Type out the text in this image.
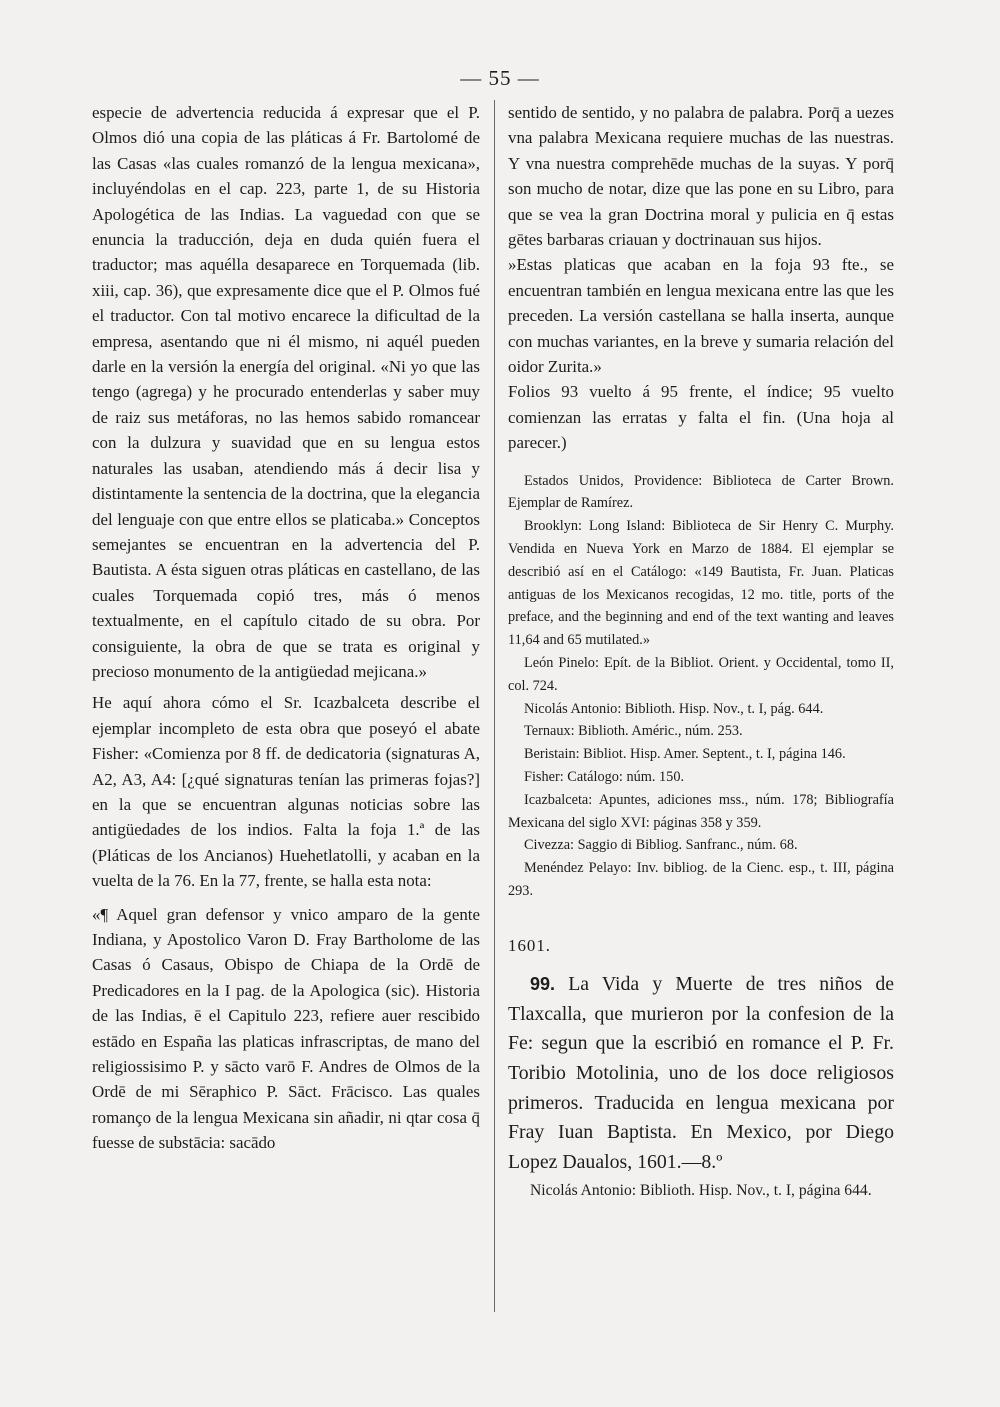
— 55 —

especie de advertencia reducida á expresar que el P. Olmos dió una copia de las pláticas á Fr. Bartolomé de las Casas «las cuales romanzó de la lengua mexicana», incluyéndolas en el cap. 223, parte 1, de su Historia Apologética de las Indias. La vaguedad con que se enuncia la traducción, deja en duda quién fuera el traductor; mas aquélla desaparece en Torquemada (lib. xiii, cap. 36), que expresamente dice que el P. Olmos fué el traductor. Con tal motivo encarece la dificultad de la empresa, asentando que ni él mismo, ni aquél pueden darle en la versión la energía del original. «Ni yo que las tengo (agrega) y he procurado entenderlas y saber muy de raiz sus metáforas, no las hemos sabido romancear con la dulzura y suavidad que en su lengua estos naturales las usaban, atendiendo más á decir lisa y distintamente la sentencia de la doctrina, que la elegancia del lenguaje con que entre ellos se platicaba.» Conceptos semejantes se encuentran en la advertencia del P. Bautista. A ésta siguen otras pláticas en castellano, de las cuales Torquemada copió tres, más ó menos textualmente, en el capítulo citado de su obra. Por consiguiente, la obra de que se trata es original y precioso monumento de la antigüedad mejicana.»

He aquí ahora cómo el Sr. Icazbalceta describe el ejemplar incompleto de esta obra que poseyó el abate Fisher: «Comienza por 8 ff. de dedicatoria (signaturas A, A2, A3, A4: [¿qué signaturas tenían las primeras fojas?] en la que se encuentran algunas noticias sobre las antigüedades de los indios. Falta la foja 1.ª de las (Pláticas de los Ancianos) Huehetlatolli, y acaban en la vuelta de la 76. En la 77, frente, se halla esta nota:

«¶ Aquel gran defensor y vnico amparo de la gente Indiana, y Apostolico Varon D. Fray Bartholome de las Casas ó Casaus, Obispo de Chiapa de la Ordē de Predicadores en la I pag. de la Apologica (sic). Historia de las Indias, ē el Capitulo 223, refiere auer rescibido estādo en España las platicas infrascriptas, de mano del religiossisimo P. y sācto varō F. Andres de Olmos de la Ordē de mi Sēraphico P. Sāct. Frācisco. Las quales romanço de la lengua Mexicana sin añadir, ni qtar cosa q̄ fuesse de substācia: sacādo

sentido de sentido, y no palabra de palabra. Porq̄ a uezes vna palabra Mexicana requiere muchas de las nuestras. Y vna nuestra comprehēde muchas de la suyas. Y porq̄ son mucho de notar, dize que las pone en su Libro, para que se vea la gran Doctrina moral y pulicia en q̄ estas gētes barbaras criauan y doctrinauan sus hijos.

»Estas platicas que acaban en la foja 93 fte., se encuentran también en lengua mexicana entre las que les preceden. La versión castellana se halla inserta, aunque con muchas variantes, en la breve y sumaria relación del oidor Zurita.»

Folios 93 vuelto á 95 frente, el índice; 95 vuelto comienzan las erratas y falta el fin. (Una hoja al parecer.)

Estados Unidos, Providence: Biblioteca de Carter Brown. Ejemplar de Ramírez.

Brooklyn: Long Island: Biblioteca de Sir Henry C. Murphy. Vendida en Nueva York en Marzo de 1884. El ejemplar se describió así en el Catálogo: «149 Bautista, Fr. Juan. Platicas antiguas de los Mexicanos recogidas, 12 mo. title, ports of the preface, and the beginning and end of the text wanting and leaves 11,64 and 65 mutilated.»

León Pinelo: Epít. de la Bibliot. Orient. y Occidental, tomo II, col. 724.

Nicolás Antonio: Biblioth. Hisp. Nov., t. I, pág. 644.

Ternaux: Biblioth. Améric., núm. 253.

Beristain: Bibliot. Hisp. Amer. Septent., t. I, página 146.

Fisher: Catálogo: núm. 150.

Icazbalceta: Apuntes, adiciones mss., núm. 178; Bibliografía Mexicana del siglo XVI: páginas 358 y 359.

Civezza: Saggio di Bibliog. Sanfranc., núm. 68.

Menéndez Pelayo: Inv. bibliog. de la Cienc. esp., t. III, página 293.

1601.

99. La Vida y Muerte de tres niños de Tlaxcalla, que murieron por la confesion de la Fe: segun que la escribió en romance el P. Fr. Toribio Motolinia, uno de los doce religiosos primeros. Traducida en lengua mexicana por Fray Iuan Baptista. En Mexico, por Diego Lopez Daualos, 1601.—8.º

Nicolás Antonio: Biblioth. Hisp. Nov., t. I, página 644.
